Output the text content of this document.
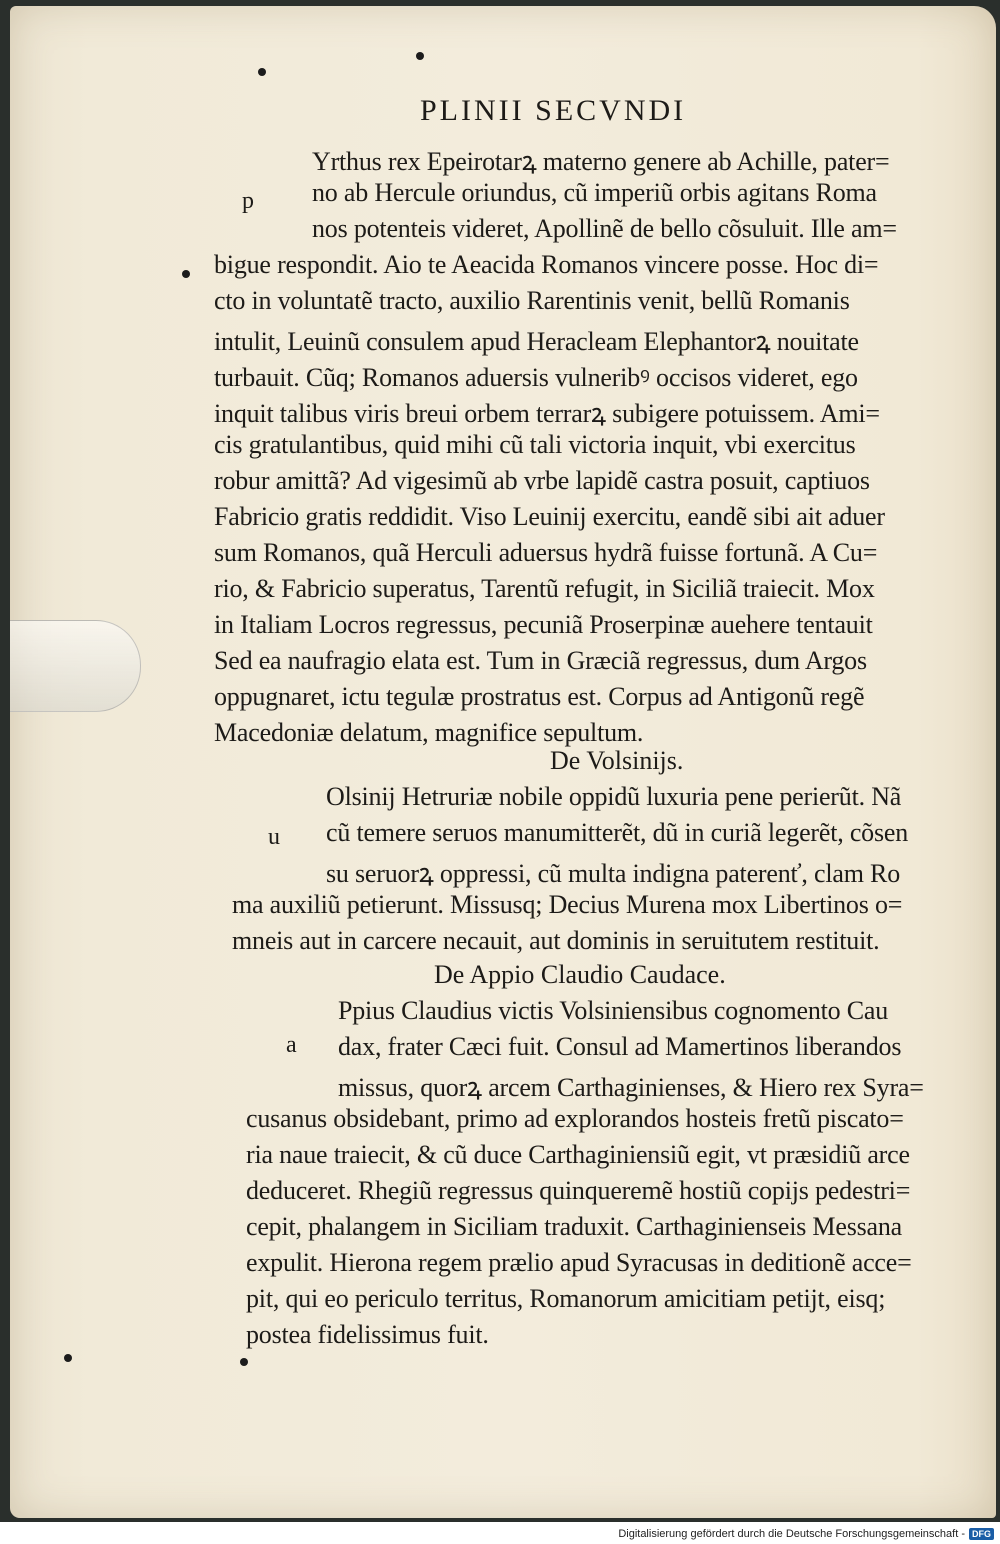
PLINII SECVNDI
p

Yrthus rex Epeirotarꝝ materno genere ab Achille, pater=

no ab Hercule oriundus, cũ imperiũ orbis agitans Roma

nos potenteis videret, Apollinẽ de bello cõsuluit. Ille am=

bigue respondit. Aio te Aeacida Romanos vincere posse. Hoc di=

cto in voluntatẽ tracto, auxilio Rarentinis venit, bellũ Romanis

intulit, Leuinũ consulem apud Heracleam Elephantorꝝ nouitate

turbauit. Cũq; Romanos aduersis vulneribꝰ occisos videret, ego

inquit talibus viris breui orbem terrarꝝ subigere potuissem. Ami=

cis gratulantibus, quid mihi cũ tali victoria inquit, vbi exercitus

robur amittã? Ad vigesimũ ab vrbe lapidẽ castra posuit, captiuos

Fabricio gratis reddidit. Viso Leuinij exercitu, eandẽ sibi ait aduer

sum Romanos, quã Herculi aduersus hydrã fuisse fortunã. A Cu=

rio, & Fabricio superatus, Tarentũ refugit, in Siciliã traiecit. Mox

in Italiam Locros regressus, pecuniã Proserpinæ auehere tentauit

Sed ea naufragio elata est. Tum in Græciã regressus, dum Argos

oppugnaret, ictu tegulæ prostratus est. Corpus ad Antigonũ regẽ

Macedoniæ delatum, magnifice sepultum.

De Volsinijs.

u

Olsinij Hetruriæ nobile oppidũ luxuria pene perierũt. Nã

cũ temere seruos manumitterẽt, dũ in curiã legerẽt, cõsen

su seruorꝝ oppressi, cũ multa indigna paterenť, clam Ro

ma auxiliũ petierunt. Missusq; Decius Murena mox Libertinos o=

mneis aut in carcere necauit, aut dominis in seruitutem restituit.

De Appio Claudio Caudace.

a

Ppius Claudius victis Volsiniensibus cognomento Cau

dax, frater Cæci fuit. Consul ad Mamertinos liberandos

missus, quorꝝ arcem Carthaginienses, & Hiero rex Syra=

cusanus obsidebant, primo ad explorandos hosteis fretũ piscato=

ria naue traiecit, & cũ duce Carthaginiensiũ egit, vt præsidiũ arce

deduceret. Rhegiũ regressus quinqueremẽ hostiũ copijs pedestri=

cepit, phalangem in Siciliam traduxit. Carthaginienseis Messana

expulit. Hierona regem prælio apud Syracusas in deditionẽ acce=

pit, qui eo periculo territus, Romanorum amicitiam petijt, eisq;

postea fidelissimus fuit.

Digitalisierung gefördert durch die Deutsche Forschungsgemeinschaft - DFG
